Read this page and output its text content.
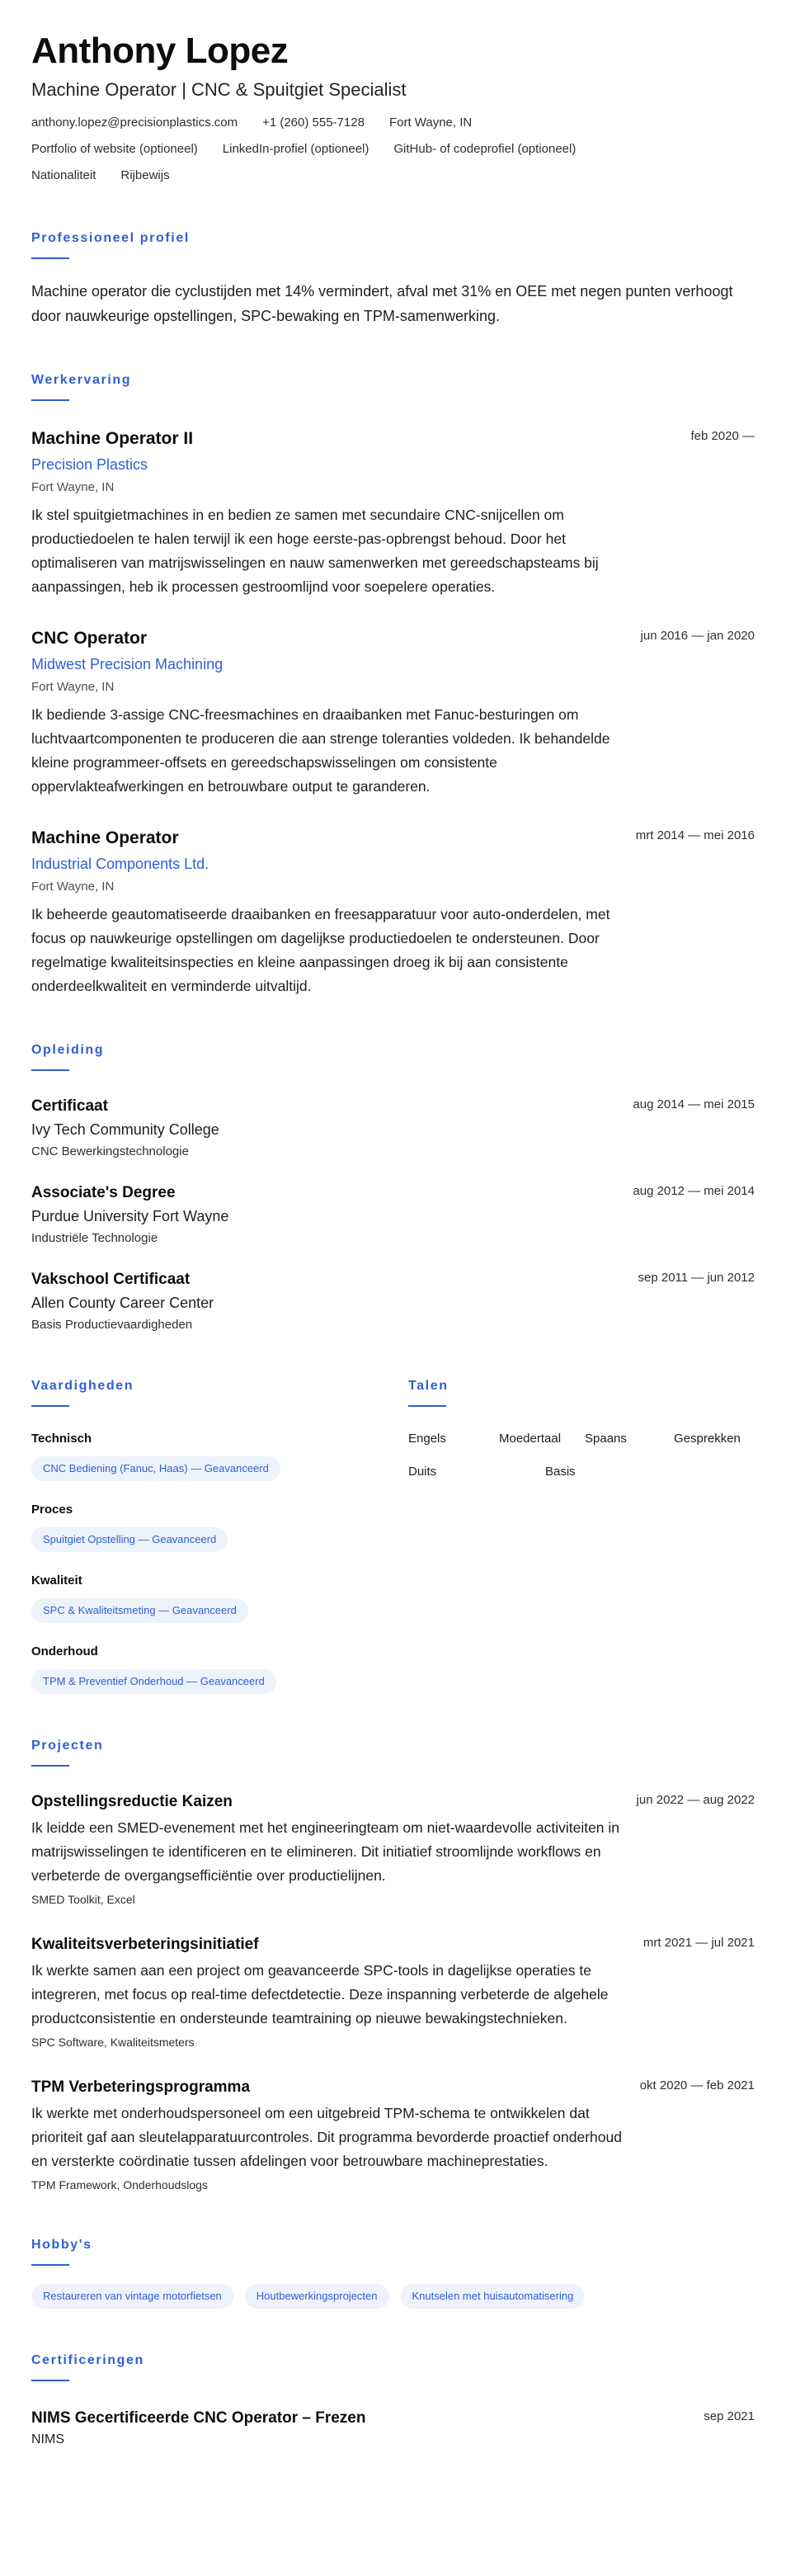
Anthony Lopez
Machine Operator | CNC & Spuitgiet Specialist
anthony.lopez@precisionplastics.com +1 (260) 555-7128 Fort Wayne, IN
Portfolio of website (optioneel) LinkedIn-profiel (optioneel) GitHub- of codeprofiel (optioneel)
Nationaliteit Rijbewijs
Professioneel profiel

Machine operator die cyclustijden met 14% vermindert, afval met 31% en OEE met negen punten verhoogt door nauwkeurige opstellingen, SPC-bewaking en TPM-samenwerking.

Werkervaring
Machine Operator II	feb 2020 —
Precision Plastics
Fort Wayne, IN

Ik stel spuitgietmachines in en bedien ze samen met secundaire CNC-snijcellen om productiedoelen te halen terwijl ik een hoge eerste-pas-opbrengst behoud. Door het optimaliseren van matrijswisselingen en nauw samenwerken met gereedschapsteams bij aanpassingen, heb ik processen gestroomlijnd voor soepelere operaties.

CNC Operator	jun 2016 — jan 2020
Midwest Precision Machining
Fort Wayne, IN

Ik bediende 3-assige CNC-freesmachines en draaibanken met Fanuc-besturingen om luchtvaartcomponenten te produceren die aan strenge toleranties voldeden. Ik behandelde kleine programmeer-offsets en gereedschapswisselingen om consistente oppervlakteafwerkingen en betrouwbare output te garanderen.

Machine Operator	mrt 2014 — mei 2016
Industrial Components Ltd.
Fort Wayne, IN

Ik beheerde geautomatiseerde draaibanken en freesapparatuur voor auto-onderdelen, met focus op nauwkeurige opstellingen om dagelijkse productiedoelen te ondersteunen. Door regelmatige kwaliteitsinspecties en kleine aanpassingen droeg ik bij aan consistente onderdeelkwaliteit en verminderde uitvaltijd.

Opleiding
Certificaat	aug 2014 — mei 2015
Ivy Tech Community College
CNC Bewerkingstechnologie
Associate's Degree	aug 2012 — mei 2014
Purdue University Fort Wayne
Industriële Technologie
Vakschool Certificaat	sep 2011 — jun 2012
Allen County Career Center
Basis Productievaardigheden
Vaardigheden
Technisch
CNC Bediening (Fanuc, Haas) — Geavanceerd
Proces
Spuitgiet Opstelling — Geavanceerd
Kwaliteit
SPC & Kwaliteitsmeting — Geavanceerd
Onderhoud
TPM & Preventief Onderhoud — Geavanceerd
Talen
Engels	Moedertaal	Spaans	Gesprekken
Duits	Basis
Projecten
Opstellingsreductie Kaizen	jun 2022 — aug 2022

Ik leidde een SMED-evenement met het engineeringteam om niet-waardevolle activiteiten in matrijswisselingen te identificeren en te elimineren. Dit initiatief stroomlijnde workflows en verbeterde de overgangsefficiëntie over productielijnen.

SMED Toolkit, Excel
Kwaliteitsverbeteringsinitiatief	mrt 2021 — jul 2021

Ik werkte samen aan een project om geavanceerde SPC-tools in dagelijkse operaties te integreren, met focus op real-time defectdetectie. Deze inspanning verbeterde de algehele productconsistentie en ondersteunde teamtraining op nieuwe bewakingstechnieken.

SPC Software, Kwaliteitsmeters
TPM Verbeteringsprogramma	okt 2020 — feb 2021

Ik werkte met onderhoudspersoneel om een uitgebreid TPM-schema te ontwikkelen dat prioriteit gaf aan sleutelapparatuurcontroles. Dit programma bevorderde proactief onderhoud en versterkte coördinatie tussen afdelingen voor betrouwbare machineprestaties.

TPM Framework, Onderhoudslogs
Hobby's
Restaureren van vintage motorfietsen	Houtbewerkingsprojecten	Knutselen met huisautomatisering
Certificeringen
NIMS Gecertificeerde CNC Operator – Frezen	sep 2021
NIMS
